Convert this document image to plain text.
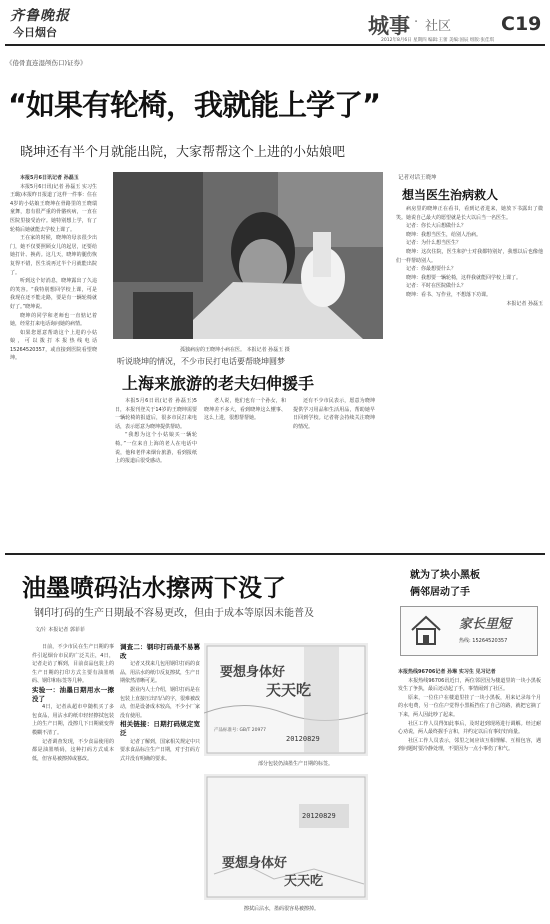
齐鲁晚报
今日烟台	城事 · 社区	C19
2012年8月6日 星期四 编辑:王蕾 美编:国辰 组版:张佳琪
《倦骨直连湿颅伤口)证券》
“如果有轮椅，我就能上学了”
晓坤还有半个月就能出院，大家帮帮这个上进的小姑娘吧

本报5月6日讯记者 孙磊玉

本报5月6日讯(记者 孙磊玉 实习生 王璐)本报昨日报道了这样一件事：住在4岁的小姑娘王晓坤在骨路里的王晓瑞童舞，患有很严重的骨骼疾病，一直在医院里接受治疗。她特别想上学，有了轮椅后她就能去学校上课了。

王在家的时候，晓坤的母亲很少出门，她不仅要照顾女儿的起居，还要给她打针、换药。这几天，晓坤的腿伤恢复得不错，医生说再过半个月就能出院了。

听到这个好消息，晓坤露出了久违的笑容。“我特别想回学校上课，可是我现在还不能走路，要是有一辆轮椅就好了。”晓坤说。

晓坤的同学和老师也一直惦记着她，经常打来电话询问她的病情。

如果您愿意帮助这个上进的小姑娘，可以拨打本报热线电话 15264520357，或直接到医院看望晓坤。

孤独病房的王晓坤小病在医。 本报记者 孙磊玉 摄
听说晓坤的情况，不少市民打电话要帮晓坤圆梦
上海来旅游的老夫妇伸援手

本报5月6日讯(记者 孙磊玉)5日，本报刊登关于14岁的王晓坤需要一辆轮椅的报道后，很多市民打来电话，表示愿意为晓坤提供帮助。

“我想为这个小姑娘买一辆轮椅。”一位来自上海的老人在电话中说，他和老伴来烟台旅游，看到报纸上的报道后很受感动。

老人说，他们也有一个孙女，和晓坤差不多大，看到晓坤这么懂事、这么上进，很想帮帮她。

还有不少市民表示，愿意为晓坤提供学习用品和生活用品，帮助她早日回到学校。记者将会持续关注晓坤的情况。

记者对话王晓坤
想当医生治病救人

病房里的晓坤正在看书，看到记者进来，她放下书露出了微笑。她说自己最大的愿望就是长大以后当一名医生。

记者：你长大后想做什么？

晓坤：我想当医生，给别人治病。

记者：为什么想当医生？

晓坤：这次住院，医生和护士对我都特别好，我想以后也像他们一样帮助别人。

记者：你最想要什么？

晓坤：我想要一辆轮椅，这样我就能回学校上课了。

记者：平时在医院做什么？

晓坤：看书、写作业，不想落下功课。

本报记者 孙磊玉

油墨喷码沾水擦两下没了
钢印打码的生产日期最不容易更改，但由于成本等原因未能普及
文/片 本报记者 郭菲菲

日前，不少市民在生产日期的事件引起烟台市民的广泛关注，4日，记者走访了解到，目前食品包装上的生产日期的打印方式主要有油墨喷码、钢印和标签等几种。

实验一：油墨日期用水一擦没了

4日，记者从超市中随机买了多包食品，用沾水的纸巾轻轻擦拭包装上的生产日期，没擦几下日期就变得模糊不清了。

记者调查发现，不少食品使用的都是油墨喷码，这种打码方式成本低，但容易被擦掉或篡改。

调查二：钢印打码最不易篡改

记者又找来几包用钢印打码的食品，用沾水的纸巾反复擦拭，生产日期依然清晰可见。

据业内人士介绍，钢印打码是在包装上直接压出凹凸的字，很难被改动，但是设备成本较高，不少小厂家没有使用。

相关链接：日期打码规定宽泛

记者了解到，国家相关规定中只要求食品标注生产日期，对于打码方式并没有明确的要求。

要想身体好
天天吃
产品标准号: GB/T 20977
20120829
部分包装仍油墨生产日期的标签。
20120829
要想身体好
天天吃
擦拭后沾水，墨码很容易被擦掉。
就为了块小黑板
俩邻居动了手
家长里短
热线: 15264520357

本报热线96706记者 孙琳 实习生 见习记者

本报热线96706讯近日，两位邻居因为楼道里的一块小黑板发生了争执，最后还动起了手，事情闹到了社区。

原来，一位住户在楼道里挂了一块小黑板，用来记录每个月的水电费，另一位住户觉得小黑板挡住了自己的路，就把它摘了下来，两人因此吵了起来。

社区工作人员得知此事后，及时赶到现场进行调解。经过耐心劝说，两人最终握手言和，并约定以后有事好好商量。

社区工作人员表示，邻里之间应该互相理解、互相包容，遇到问题时要冷静处理，不要因为一点小事伤了和气。
